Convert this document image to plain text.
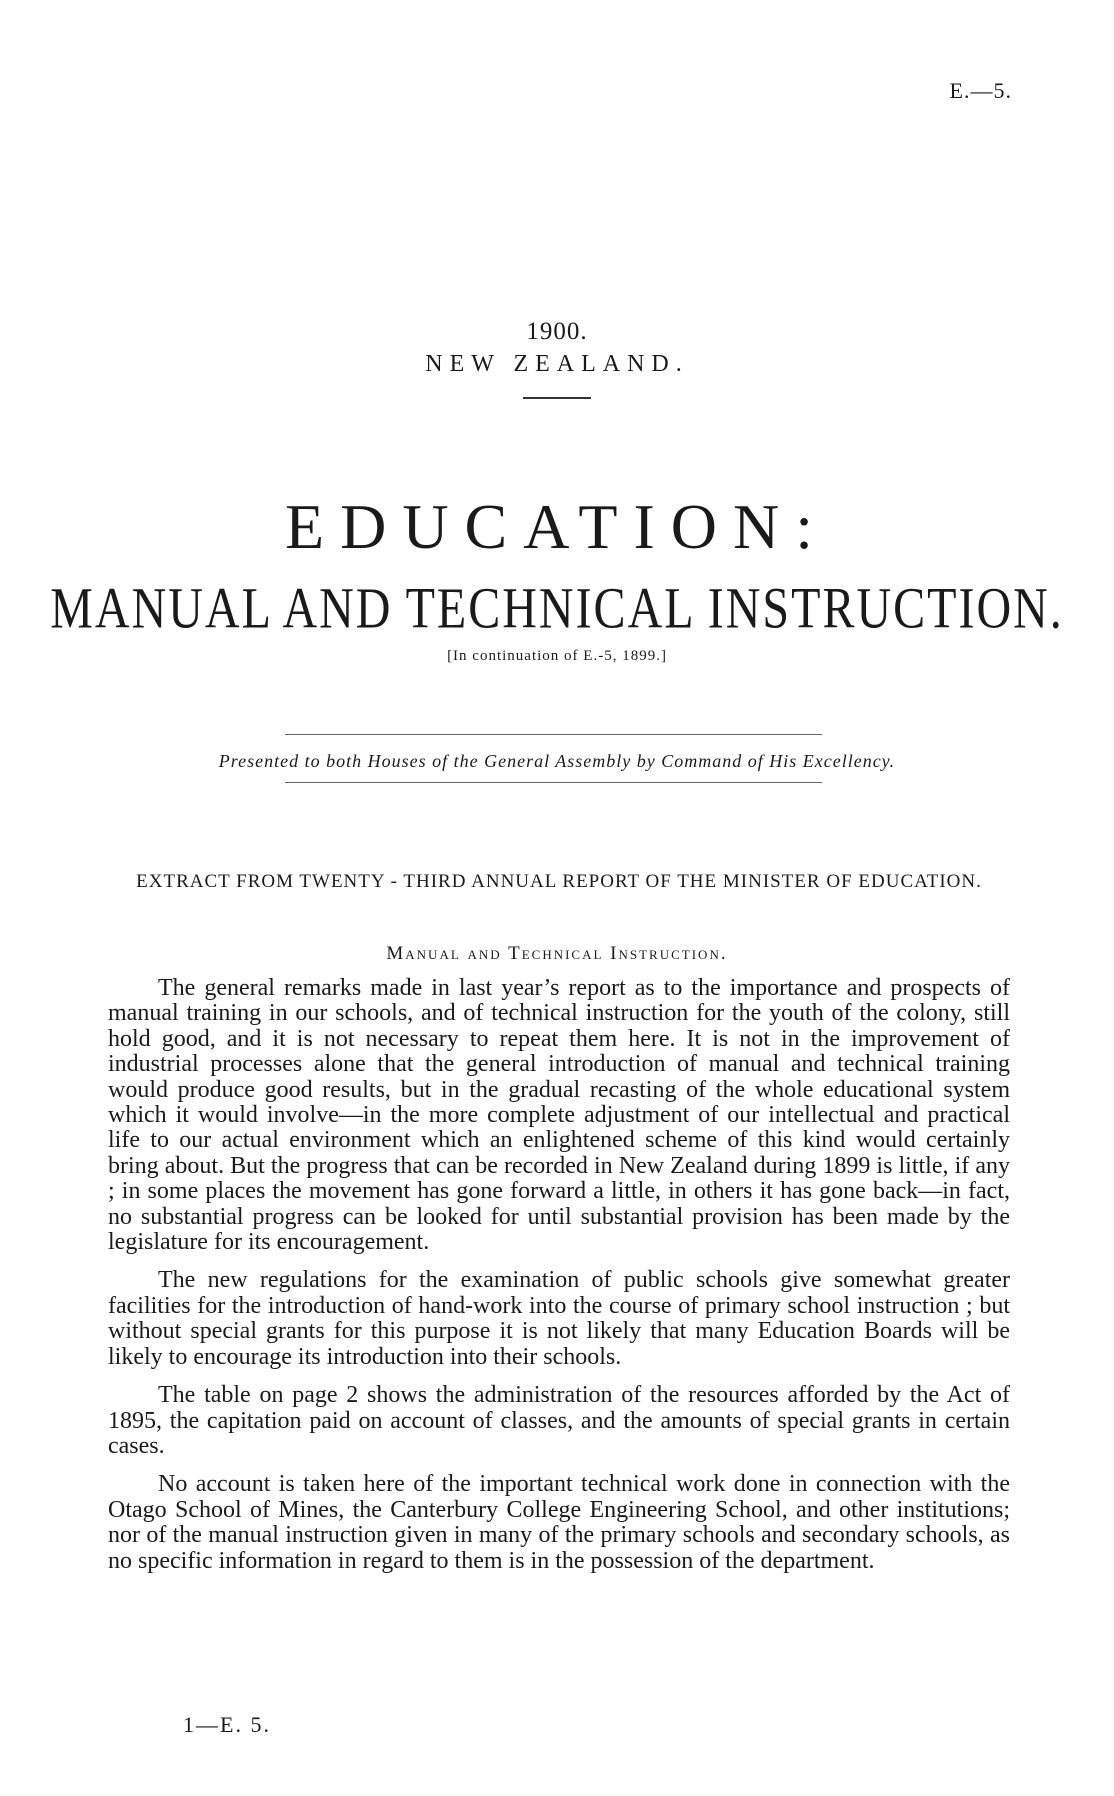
E.—5.
1900.
NEW ZEALAND.
EDUCATION:
MANUAL AND TECHNICAL INSTRUCTION.
[In continuation of E.-5, 1899.]
Presented to both Houses of the General Assembly by Command of His Excellency.
EXTRACT FROM TWENTY - THIRD ANNUAL REPORT OF THE MINISTER OF EDUCATION.
Manual and Technical Instruction.

The general remarks made in last year’s report as to the importance and prospects of manual training in our schools, and of technical instruction for the youth of the colony, still hold good, and it is not necessary to repeat them here. It is not in the improvement of industrial processes alone that the general introduction of manual and technical training would produce good results, but in the gradual recasting of the whole educational system which it would involve—in the more complete adjustment of our intellectual and practical life to our actual environment which an enlightened scheme of this kind would certainly bring about. But the progress that can be recorded in New Zealand during 1899 is little, if any ; in some places the movement has gone forward a little, in others it has gone back—in fact, no substantial progress can be looked for until substantial provision has been made by the legislature for its encouragement.

The new regulations for the examination of public schools give somewhat greater facilities for the introduction of hand-work into the course of primary school instruction ; but without special grants for this purpose it is not likely that many Education Boards will be likely to encourage its introduction into their schools.

The table on page 2 shows the administration of the resources afforded by the Act of 1895, the capitation paid on account of classes, and the amounts of special grants in certain cases.

No account is taken here of the important technical work done in connection with the Otago School of Mines, the Canterbury College Engineering School, and other institutions; nor of the manual instruction given in many of the primary schools and secondary schools, as no specific information in regard to them is in the possession of the department.

1—E. 5.
